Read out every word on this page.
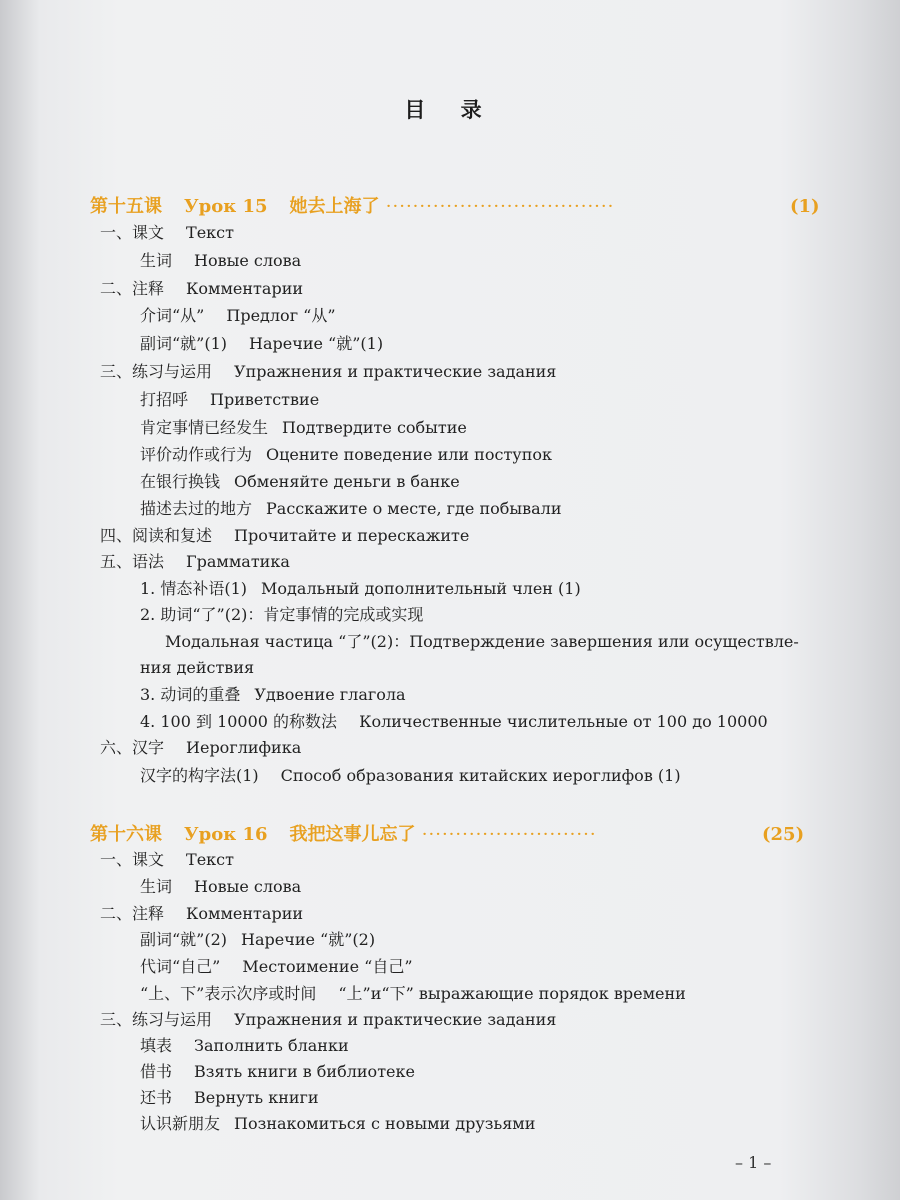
目 录
第十五课 Урок 15 她去上海了 ··································	(1)
一、课文 Текст
生词 Новые слова
二、注释 Комментарии
介词“从” Предлог “从”
副词“就”(1) Наречие “就”(1)
三、练习与运用 Упражнения и практические задания
打招呼 Приветствие
肯定事情已经发生 Подтвердите событие
评价动作或行为 Оцените поведение или поступок
在银行换钱 Обменяйте деньги в банке
描述去过的地方 Расскажите о месте, где побывали
四、阅读和复述 Прочитайте и перескажите
五、语法 Грамматика
1. 情态补语(1) Модальный дополнительный член (1)
2. 助词“了”(2)：肯定事情的完成或实现
Модальная частица “了”(2)：Подтверждение завершения или осуществле-
ния действия
3. 动词的重叠 Удвоение глагола
4. 100 到 10000 的称数法 Количественные числительные от 100 до 10000
六、汉字 Иероглифика
汉字的构字法(1) Способ образования китайских иероглифов (1)
第十六课 Урок 16 我把这事儿忘了 ··························	(25)
一、课文 Текст
生词 Новые слова
二、注释 Комментарии
副词“就”(2) Наречие “就”(2)
代词“自己” Местоимение “自己”
“上、下”表示次序或时间 “上”и“下” выражающие порядок времени
三、练习与运用 Упражнения и практические задания
填表 Заполнить бланки
借书 Взять книги в библиотеке
还书 Вернуть книги
认识新朋友 Познакомиться с новыми друзьями
– 1 –
